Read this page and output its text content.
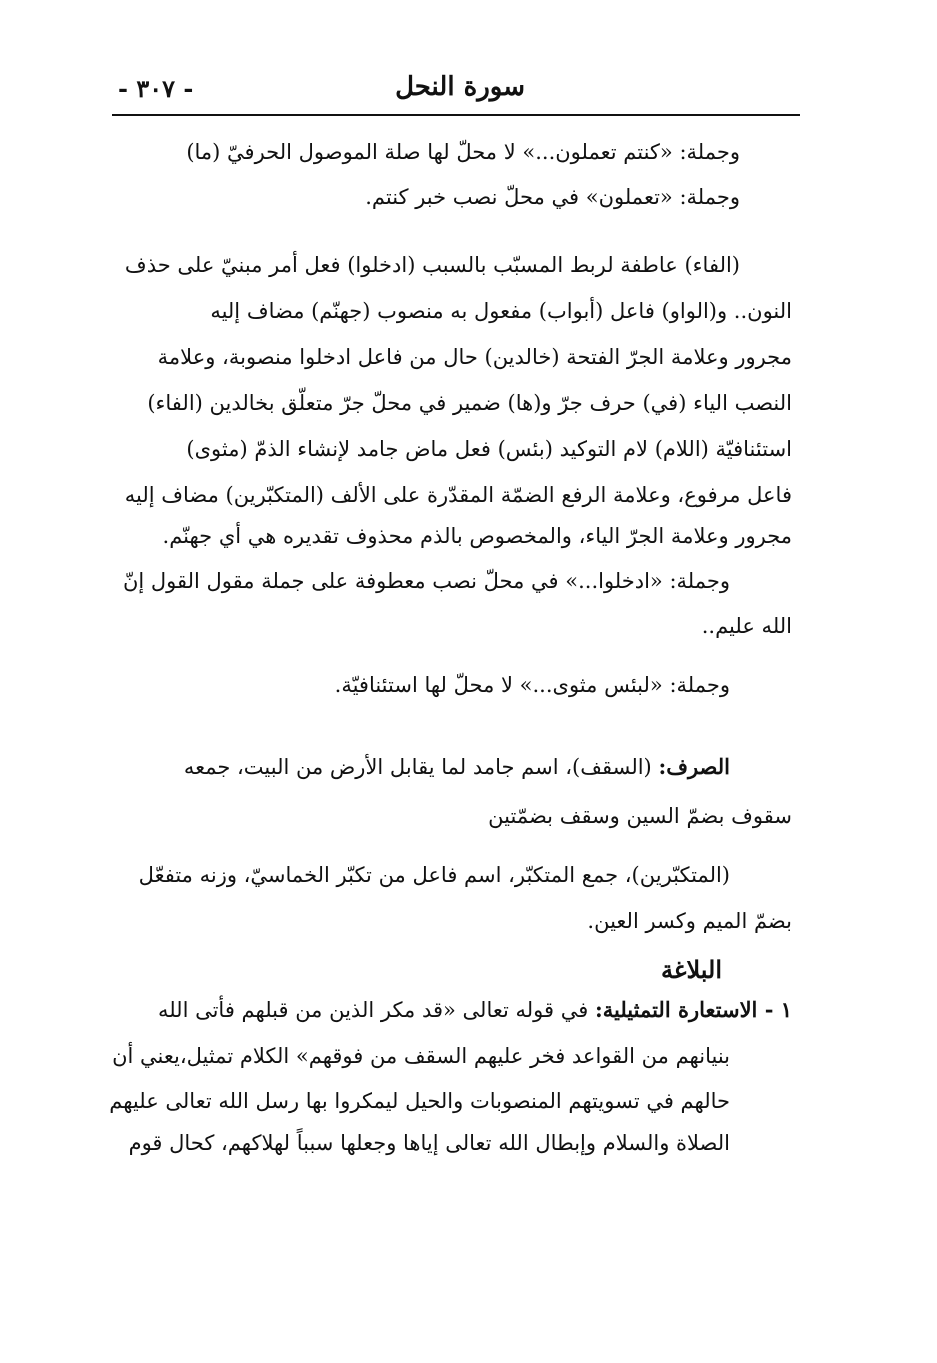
سورة النحل
- ٣٠٧ -
وجملة: «كنتم تعملون...» لا محلّ لها صلة الموصول الحرفيّ (ما)
وجملة: «تعملون» في محلّ نصب خبر كنتم.
(الفاء) عاطفة لربط المسبّب بالسبب (ادخلوا) فعل أمر مبنيّ على حذف
النون.. و(الواو) فاعل (أبواب) مفعول به منصوب (جهنّم) مضاف إليه
مجرور وعلامة الجرّ الفتحة (خالدين) حال من فاعل ادخلوا منصوبة، وعلامة
النصب الياء (في) حرف جرّ و(ها) ضمير في محلّ جرّ متعلّق بخالدين (الفاء)
استئنافيّة (اللام) لام التوكيد (بئس) فعل ماض جامد لإنشاء الذمّ (مثوى)
فاعل مرفوع، وعلامة الرفع الضمّة المقدّرة على الألف (المتكبّرين) مضاف إليه
مجرور وعلامة الجرّ الياء، والمخصوص بالذم محذوف تقديره هي أي جهنّم.
وجملة: «ادخلوا...» في محلّ نصب معطوفة على جملة مقول القول إنّ
الله عليم..
وجملة: «لبئس مثوى...» لا محلّ لها استئنافيّة.
الصرف: (السقف)، اسم جامد لما يقابل الأرض من البيت، جمعه
سقوف بضمّ السين وسقف بضمّتين
(المتكبّرين)، جمع المتكبّر، اسم فاعل من تكبّر الخماسيّ، وزنه متفعّل
بضمّ الميم وكسر العين.
البلاغة
١ - الاستعارة التمثيلية: في قوله تعالى «قد مكر الذين من قبلهم فأتى الله
بنيانهم من القواعد فخر عليهم السقف من فوقهم» الكلام تمثيل،يعني أن
حالهم في تسويتهم المنصوبات والحيل ليمكروا بها رسل الله تعالى عليهم
الصلاة والسلام وإبطال الله تعالى إياها وجعلها سبباً لهلاكهم، كحال قوم
